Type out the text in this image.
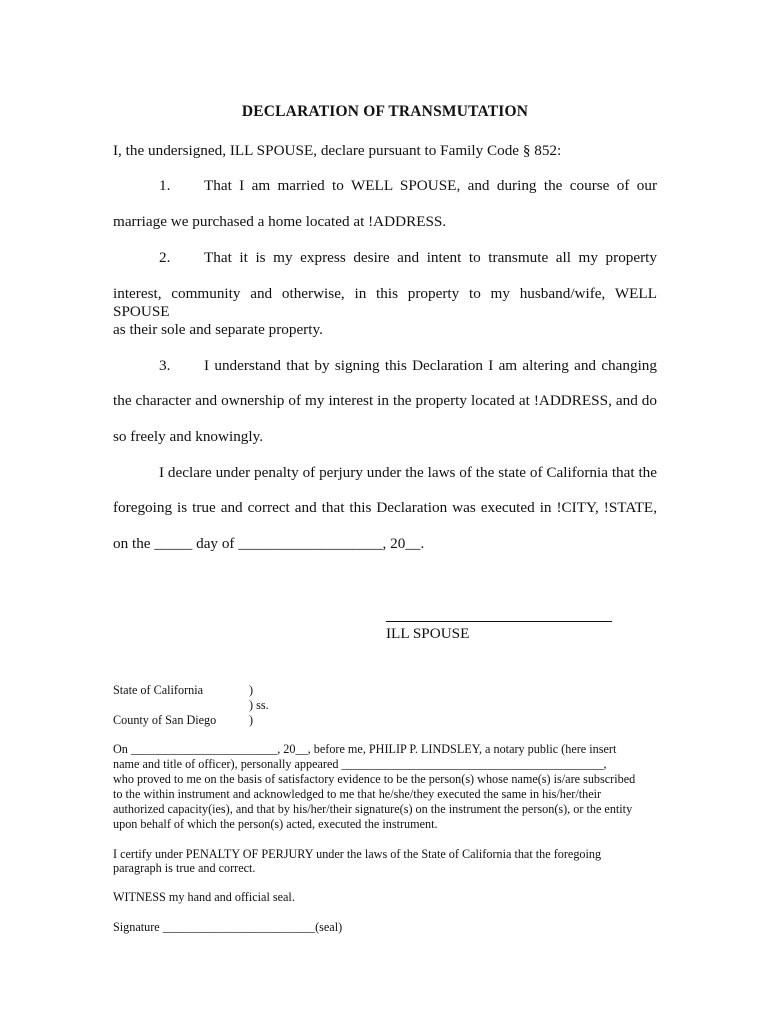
DECLARATION OF TRANSMUTATION
I, the undersigned, ILL SPOUSE, declare pursuant to Family Code § 852:
1. That I am married to WELL SPOUSE, and during the course of our
marriage we purchased a home located at !ADDRESS.
2. That it is my express desire and intent to transmute all my property
interest, community and otherwise, in this property to my husband/wife, WELL SPOUSE
as their sole and separate property.
3. I understand that by signing this Declaration I am altering and changing
the character and ownership of my interest in the property located at !ADDRESS, and do
so freely and knowingly.
I declare under penalty of perjury under the laws of the state of California that the
foregoing is true and correct and that this Declaration was executed in !CITY, !STATE,
on the _____ day of ___________________, 20__.
ILL SPOUSE
State of California	)
) ss.
County of San Diego	)
On ________________________, 20__, before me, PHILIP P. LINDSLEY, a notary public (here insert
name and title of officer), personally appeared ___________________________________________,
who proved to me on the basis of satisfactory evidence to be the person(s) whose name(s) is/are subscribed
to the within instrument and acknowledged to me that he/she/they executed the same in his/her/their
authorized capacity(ies), and that by his/her/their signature(s) on the instrument the person(s), or the entity
upon behalf of which the person(s) acted, executed the instrument.
I certify under PENALTY OF PERJURY under the laws of the State of California that the foregoing
paragraph is true and correct.
WITNESS my hand and official seal.
Signature _________________________(seal)
